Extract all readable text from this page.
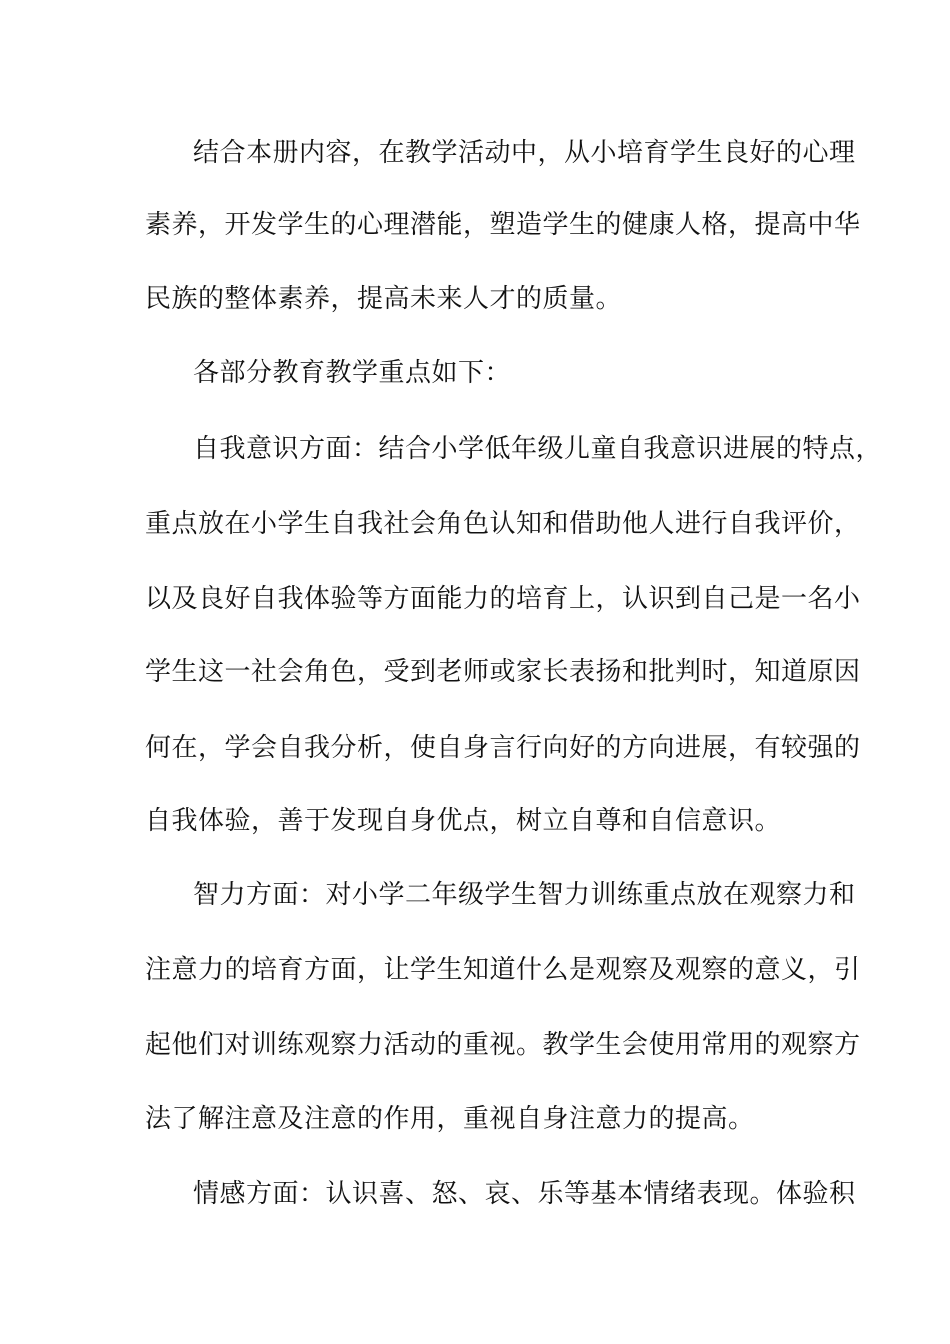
结合本册内容，在教学活动中，从小培育学生良好的心理
素养，开发学生的心理潜能，塑造学生的健康人格，提高中华
民族的整体素养，提高未来人才的质量。
各部分教育教学重点如下：
自我意识方面：结合小学低年级儿童自我意识进展的特点，
重点放在小学生自我社会角色认知和借助他人进行自我评价，
以及良好自我体验等方面能力的培育上，认识到自己是一名小
学生这一社会角色，受到老师或家长表扬和批判时，知道原因
何在，学会自我分析，使自身言行向好的方向进展，有较强的
自我体验，善于发现自身优点，树立自尊和自信意识。
智力方面：对小学二年级学生智力训练重点放在观察力和
注意力的培育方面，让学生知道什么是观察及观察的意义，引
起他们对训练观察力活动的重视。教学生会使用常用的观察方
法了解注意及注意的作用，重视自身注意力的提高。
情感方面：认识喜、怒、哀、乐等基本情绪表现。体验积
